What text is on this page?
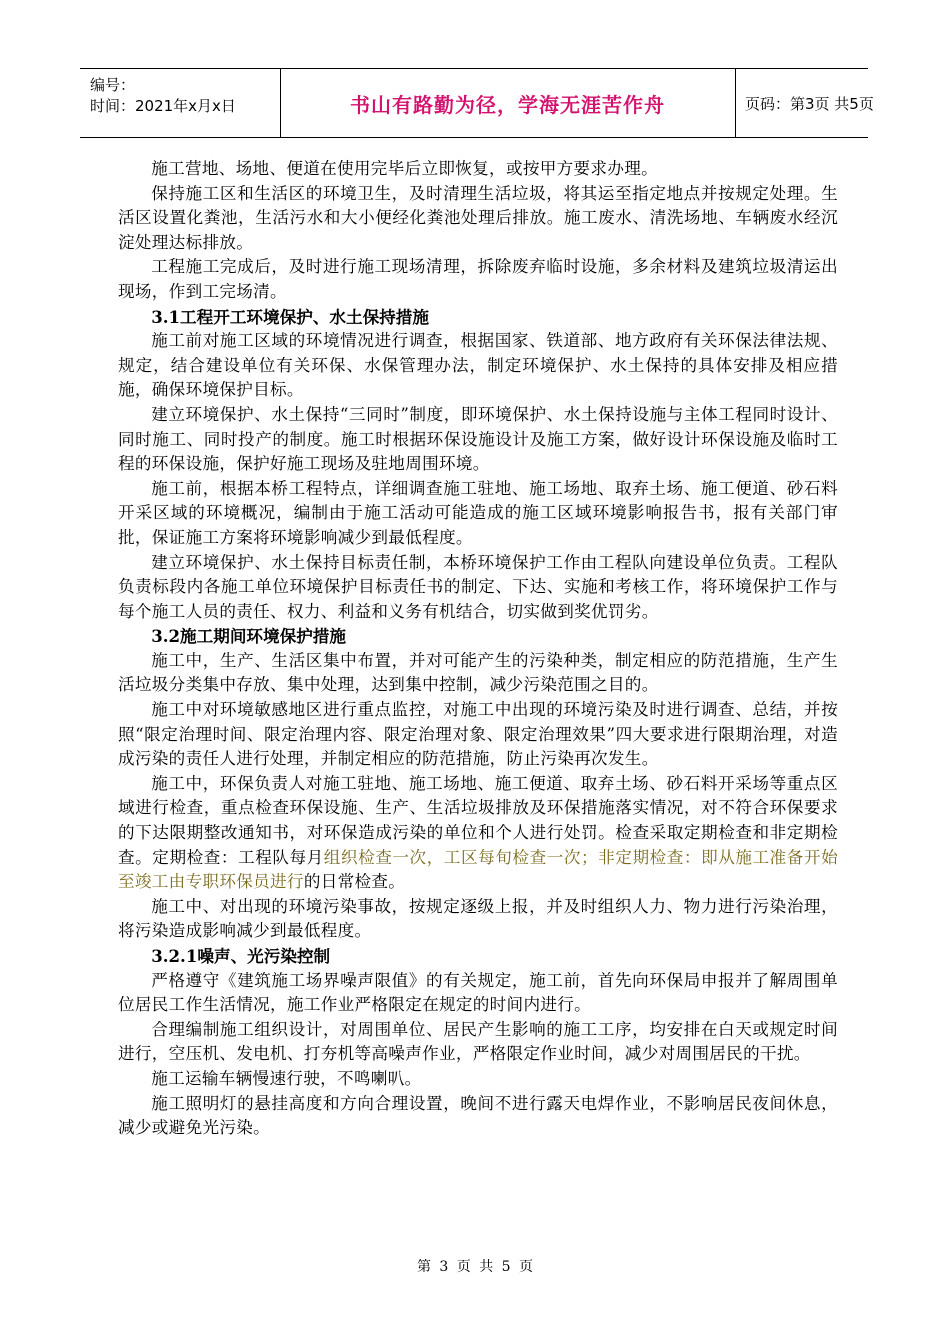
编号：
时间：2021年x月x日	书山有路勤为径，学海无涯苦作舟	页码：第3页 共5页

施工营地、场地、便道在使用完毕后立即恢复，或按甲方要求办理。

保持施工区和生活区的环境卫生，及时清理生活垃圾，将其运至指定地点并按规定处理。生活区设置化粪池，生活污水和大小便经化粪池处理后排放。施工废水、清洗场地、车辆废水经沉淀处理达标排放。

工程施工完成后，及时进行施工现场清理，拆除废弃临时设施，多余材料及建筑垃圾清运出现场，作到工完场清。

3.1工程开工环境保护、水土保持措施

施工前对施工区域的环境情况进行调查，根据国家、铁道部、地方政府有关环保法律法规、规定，结合建设单位有关环保、水保管理办法，制定环境保护、水土保持的具体安排及相应措施，确保环境保护目标。

建立环境保护、水土保持“三同时”制度，即环境保护、水土保持设施与主体工程同时设计、同时施工、同时投产的制度。施工时根据环保设施设计及施工方案，做好设计环保设施及临时工程的环保设施，保护好施工现场及驻地周围环境。

施工前，根据本桥工程特点，详细调查施工驻地、施工场地、取弃土场、施工便道、砂石料开采区域的环境概况，编制由于施工活动可能造成的施工区域环境影响报告书，报有关部门审批，保证施工方案将环境影响减少到最低程度。

建立环境保护、水土保持目标责任制，本桥环境保护工作由工程队向建设单位负责。工程队负责标段内各施工单位环境保护目标责任书的制定、下达、实施和考核工作，将环境保护工作与每个施工人员的责任、权力、利益和义务有机结合，切实做到奖优罚劣。

3.2施工期间环境保护措施

施工中，生产、生活区集中布置，并对可能产生的污染种类，制定相应的防范措施，生产生活垃圾分类集中存放、集中处理，达到集中控制，减少污染范围之目的。

施工中对环境敏感地区进行重点监控，对施工中出现的环境污染及时进行调查、总结，并按照“限定治理时间、限定治理内容、限定治理对象、限定治理效果”四大要求进行限期治理，对造成污染的责任人进行处理，并制定相应的防范措施，防止污染再次发生。

施工中，环保负责人对施工驻地、施工场地、施工便道、取弃土场、砂石料开采场等重点区域进行检查，重点检查环保设施、生产、生活垃圾排放及环保措施落实情况，对不符合环保要求的下达限期整改通知书，对环保造成污染的单位和个人进行处罚。检查采取定期检查和非定期检查。定期检查：工程队每月组织检查一次，工区每旬检查一次；非定期检查：即从施工准备开始至竣工由专职环保员进行的日常检查。

施工中、对出现的环境污染事故，按规定逐级上报，并及时组织人力、物力进行污染治理，将污染造成影响减少到最低程度。

3.2.1噪声、光污染控制

严格遵守《建筑施工场界噪声限值》的有关规定，施工前，首先向环保局申报并了解周围单位居民工作生活情况，施工作业严格限定在规定的时间内进行。

合理编制施工组织设计，对周围单位、居民产生影响的施工工序，均安排在白天或规定时间进行，空压机、发电机、打夯机等高噪声作业，严格限定作业时间，减少对周围居民的干扰。

施工运输车辆慢速行驶，不鸣喇叭。

施工照明灯的悬挂高度和方向合理设置，晚间不进行露天电焊作业，不影响居民夜间休息，减少或避免光污染。

第 3 页 共 5 页
